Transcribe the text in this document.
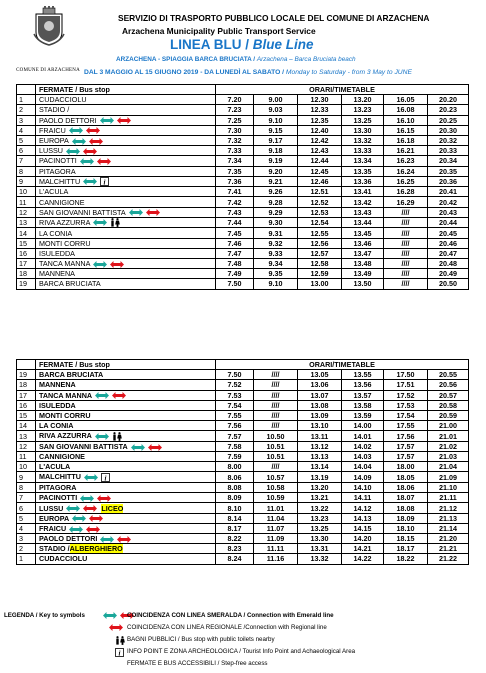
COMUNE DI ARZACHENA
SERVIZIO DI TRASPORTO PUBBLICO LOCALE DEL COMUNE DI ARZACHENA
Arzachena Municipality Public Transport Service
LINEA BLU / Blue Line
ARZACHENA - SPIAGGIA BARCA BRUCIATA / Arzachena – Barca Bruciata beach
DAL 3 MAGGIO AL 15 GIUGNO 2019 - DA LUNEDÌ AL SABATO / Monday to Saturday - from 3 May to JUNE
	FERMATE / Bus stop	ORARI/TIMETABLE					
1	CUDACCIOLU	7.20	9.00	12.30	13.20	16.05	20.20
2	STADIO /	7.23	9.03	12.33	13.23	16.08	20.23
3	PAOLO DETTORI	7.25	9.10	12.35	13.25	16.10	20.25
4	FRAICU	7.30	9.15	12.40	13.30	16.15	20.30
5	EUROPA	7.32	9.17	12.42	13.32	16.18	20.32
6	LUSSU	7.33	9.18	12.43	13.33	16.21	20.33
7	PACINOTTI	7.34	9.19	12.44	13.34	16.23	20.34
8	PITAGORA	7.35	9.20	12.45	13.35	16.24	20.35
9	MALCHITTU i	7.36	9.21	12.46	13.36	16.25	20.36
10	L'ACULA	7.41	9.26	12.51	13.41	16.28	20.41
11	CANNIGIONE	7.42	9.28	12.52	13.42	16.29	20.42
12	SAN GIOVANNI BATTISTA	7.43	9.29	12.53	13.43	////	20.43
13	RIVA AZZURRA	7.44	9.30	12.54	13.44	////	20.44
14	LA CONIA	7.45	9.31	12.55	13.45	////	20.45
15	MONTI CORRU	7.46	9.32	12.56	13.46	////	20.46
16	ISULEDDA	7.47	9.33	12.57	13.47	////	20.47
17	TANCA MANNA	7.48	9.34	12.58	13.48	////	20.48
18	MANNENA	7.49	9.35	12.59	13.49	////	20.49
19	BARCA BRUCIATA	7.50	9.10	13.00	13.50	////	20.50
	FERMATE / Bus stop	ORARI/TIMETABLE					
19	BARCA BRUCIATA	7.50	////	13.05	13.55	17.50	20.55
18	MANNENA	7.52	////	13.06	13.56	17.51	20.56
17	TANCA MANNA	7.53	////	13.07	13.57	17.52	20.57
16	ISULEDDA	7.54	////	13.08	13.58	17.53	20.58
15	MONTI CORRU	7.55	////	13.09	13.59	17.54	20.59
14	LA CONIA	7.56	////	13.10	14.00	17.55	21.00
13	RIVA AZZURRA	7.57	10.50	13.11	14.01	17.56	21.01
12	SAN GIOVANNI BATTISTA	7.58	10.51	13.12	14.02	17.57	21.02
11	CANNIGIONE	7.59	10.51	13.13	14.03	17.57	21.03
10	L'ACULA	8.00	////	13.14	14.04	18.00	21.04
9	MALCHITTU i	8.06	10.57	13.19	14.09	18.05	21.09
8	PITAGORA	8.08	10.58	13.20	14.10	18.06	21.10
7	PACINOTTI	8.09	10.59	13.21	14.11	18.07	21.11
6	LUSSU LICEO	8.10	11.01	13.22	14.12	18.08	21.12
5	EUROPA	8.14	11.04	13.23	14.13	18.09	21.13
4	FRAICU	8.17	11.07	13.25	14.15	18.10	21.14
3	PAOLO DETTORI	8.22	11.09	13.30	14.20	18.15	21.20
2	STADIO /ALBERGHIERO	8.23	11.11	13.31	14.21	18.17	21.21
1	CUDACCIOLU	8.24	11.16	13.32	14.22	18.22	21.22
LEGENDA / Key to symbols	COINCIDENZA CON LINEA SMERALDA / Connection with Emerald line
COINCIDENZA CON LINEA REGIONALE /Connection with Regional line
BAGNI PUBBLICI / Bus stop with public toilets nearby
i INFO POINT E ZONA ARCHEOLOGICA / Tourist Info Point and Achaeological Area
FERMATE E BUS ACCESSIBILI / Step-free access
